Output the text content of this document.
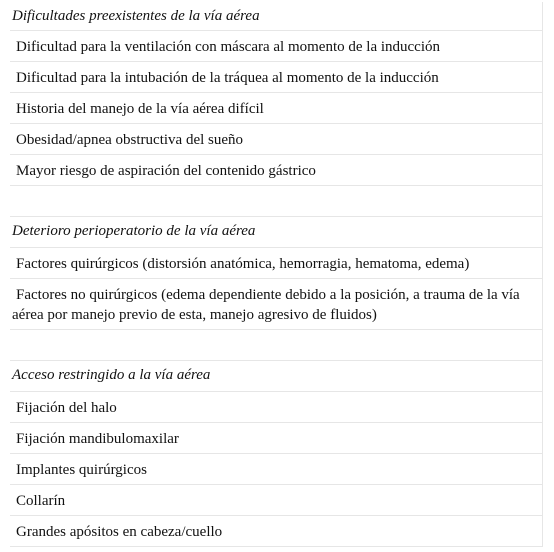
Dificultades preexistentes de la vía aérea
Dificultad para la ventilación con máscara al momento de la inducción
Dificultad para la intubación de la tráquea al momento de la inducción
Historia del manejo de la vía aérea difícil
Obesidad/apnea obstructiva del sueño
Mayor riesgo de aspiración del contenido gástrico
Deterioro perioperatorio de la vía aérea
Factores quirúrgicos (distorsión anatómica, hemorragia, hematoma, edema)
Factores no quirúrgicos (edema dependiente debido a la posición, a trauma de la vía aérea por manejo previo de esta, manejo agresivo de fluidos)
Acceso restringido a la vía aérea
Fijación del halo
Fijación mandibulomaxilar
Implantes quirúrgicos
Collarín
Grandes apósitos en cabeza/cuello
